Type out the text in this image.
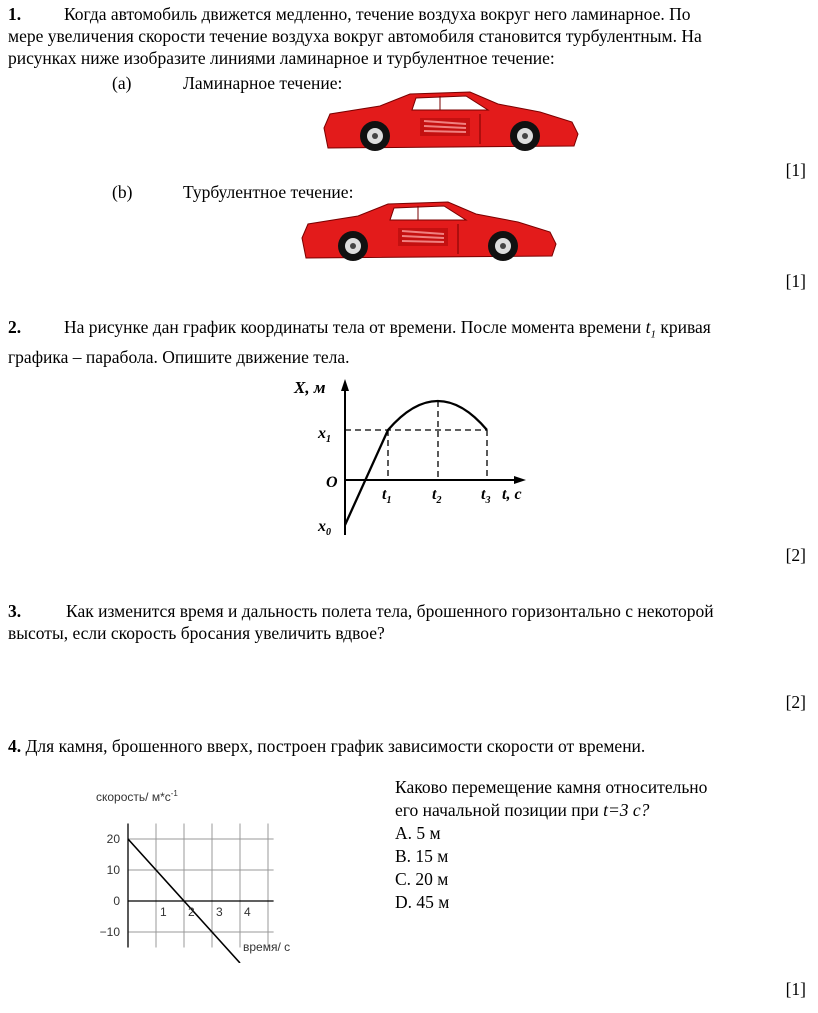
1. Когда автомобиль движется медленно, течение воздуха вокруг него ламинарное. По
мере увеличения скорости течение воздуха вокруг автомобиля становится турбулентным. На
рисунках ниже изобразите линиями ламинарное и турбулентное течение:
(a)	Ламинарное течение:
[1]
(b)	Турбулентное течение:
[1]
2. На рисунке дан график координаты тела от времени. После момента времени $t_1$ кривая
графика – парабола. Опишите движение тела.
X, м
$x_1$
O
$x_0$
$t_1$	$t_2$ $t_3$ t, с
[2]
3.	Как изменится время и дальность полета тела, брошенного горизонтально с некоторой
высоты, если скорость бросания увеличить вдвое?
[2]
4. Для камня, брошенного вверх, построен график зависимости скорости от времени.
20
10
0
−10
1 2 3 4
скорость/ $м*с^{-1}$
время/ с
Каково перемещение камня относительно
его начальной позиции при t=3 с?
A. 5 м
B. 15 м
C. 20 м
D. 45 м
[1]
